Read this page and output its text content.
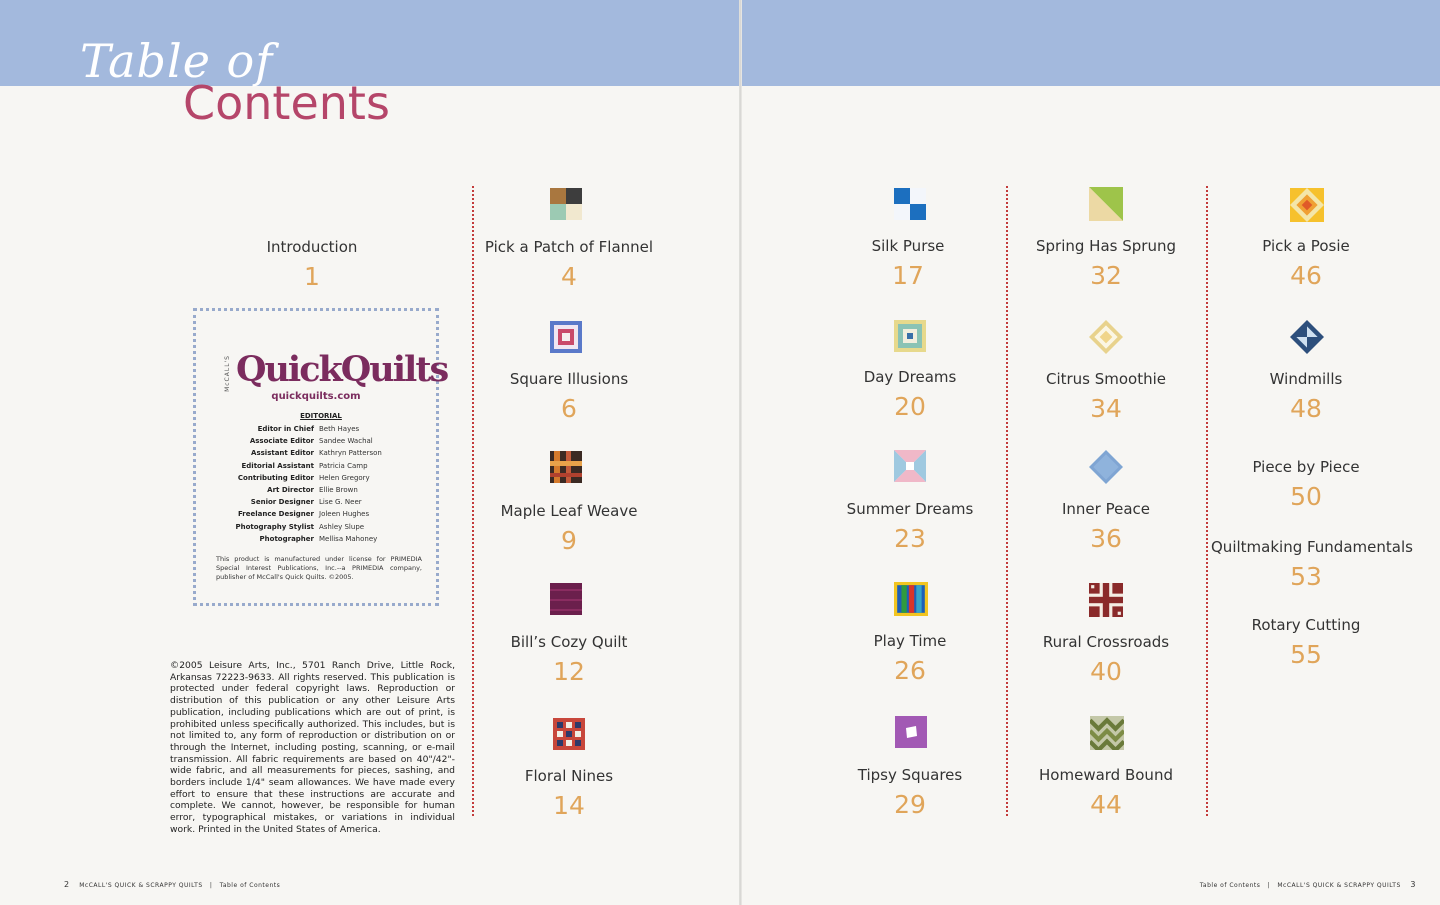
Table of
Contents
Introduction
1
McCALL'S QuickQuilts
quickquilts.com
EDITORIAL
Editor in Chief Beth Hayes
Associate Editor Sandee Wachal
Assistant Editor Kathryn Patterson
Editorial Assistant Patricia Camp
Contributing Editor Helen Gregory
Art Director Ellie Brown
Senior Designer Lise G. Neer
Freelance Designer Joleen Hughes
Photography Stylist Ashley Slupe
Photographer Mellisa Mahoney
This product is manufactured under license for PRIMEDIA Special Interest Publications, Inc.--a PRIMEDIA company, publisher of McCall's Quick Quilts. ©2005.
©2005 Leisure Arts, Inc., 5701 Ranch Drive, Little Rock, Arkansas 72223-9633. All rights reserved. This publication is protected under federal copyright laws. Reproduction or distribution of this publication or any other Leisure Arts publication, including publications which are out of print, is prohibited unless specifically authorized. This includes, but is not limited to, any form of reproduction or distribution on or through the Internet, including posting, scanning, or e-mail transmission. All fabric requirements are based on 40"/42"-wide fabric, and all measurements for pieces, sashing, and borders include 1/4" seam allowances. We have made every effort to ensure that these instructions are accurate and complete. We cannot, however, be responsible for human error, typographical mistakes, or variations in individual work. Printed in the United States of America.
Pick a Patch of Flannel
4
Square Illusions
6
Maple Leaf Weave
9
Bill’s Cozy Quilt
12
Floral Nines
14
Silk Purse
17
Day Dreams
20
Summer Dreams
23
Play Time
26
Tipsy Squares
29
Spring Has Sprung
32
Citrus Smoothie
34
Inner Peace
36
Rural Crossroads
40
Homeward Bound
44
Pick a Posie
46
Windmills
48
Piece by Piece
50
Quiltmaking Fundamentals
53
Rotary Cutting
55
2 McCALL'S QUICK & SCRAPPY QUILTS | Table of Contents	Table of Contents | McCALL'S QUICK & SCRAPPY QUILTS 3
